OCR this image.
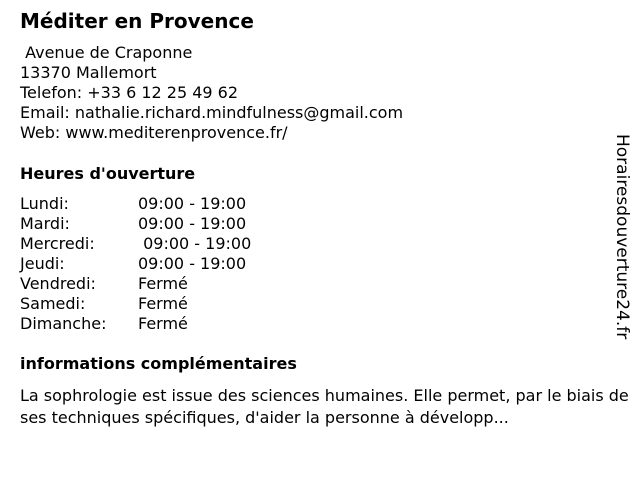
Méditer en Provence
Avenue de Craponne
13370 Mallemort
Telefon: +33 6 12 25 49 62
Email: nathalie.richard.mindfulness@gmail.com
Web: www.mediterenprovence.fr/
Heures d'ouverture
Lundi:	09:00 - 19:00
Mardi:	09:00 - 19:00
Mercredi:	09:00 - 19:00
Jeudi:	09:00 - 19:00
Vendredi:	Fermé
Samedi:	Fermé
Dimanche: Fermé
informations complémentaires
La sophrologie est issue des sciences humaines. Elle permet, par le biais de ses techniques spécifiques, d'aider la personne à développ...
Horairesdouverture24.fr
